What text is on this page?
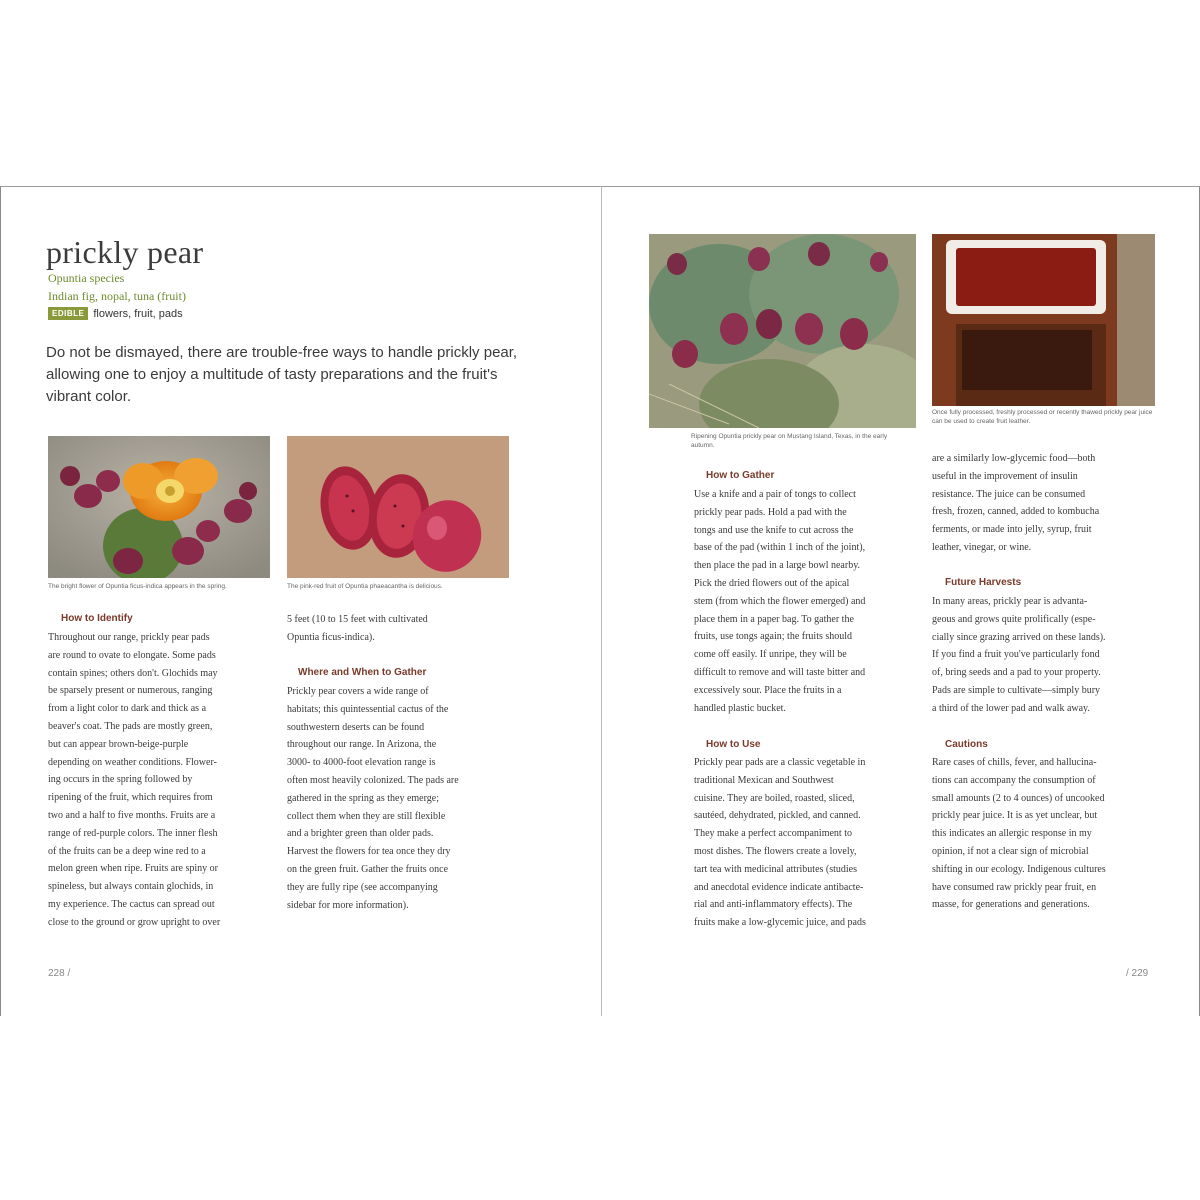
prickly pear
Opuntia species
Indian fig, nopal, tuna (fruit)
EDIBLE flowers, fruit, pads
Do not be dismayed, there are trouble-free ways to handle prickly pear, allowing one to enjoy a multitude of tasty preparations and the fruit's vibrant color.
The bright flower of Opuntia ficus-indica appears in the spring.	The pink-red fruit of Opuntia phaeacantha is delicious.
How to Identify
Throughout our range, prickly pear pads
are round to ovate to elongate. Some pads
contain spines; others don't. Glochids may
be sparsely present or numerous, ranging
from a light color to dark and thick as a
beaver's coat. The pads are mostly green,
but can appear brown-beige-purple
depending on weather conditions. Flower-
ing occurs in the spring followed by
ripening of the fruit, which requires from
two and a half to five months. Fruits are a
range of red-purple colors. The inner flesh
of the fruits can be a deep wine red to a
melon green when ripe. Fruits are spiny or
spineless, but always contain glochids, in
my experience. The cactus can spread out
close to the ground or grow upright to over
5 feet (10 to 15 feet with cultivated
Opuntia ficus-indica).
Where and When to Gather
Prickly pear covers a wide range of
habitats; this quintessential cactus of the
southwestern deserts can be found
throughout our range. In Arizona, the
3000- to 4000-foot elevation range is
often most heavily colonized. The pads are
gathered in the spring as they emerge;
collect them when they are still flexible
and a brighter green than older pads.
Harvest the flowers for tea once they dry
on the green fruit. Gather the fruits once
they are fully ripe (see accompanying
sidebar for more information).
228 /
Ripening Opuntia prickly pear on Mustang Island, Texas, in the early autumn.
Once fully processed, freshly processed or recently thawed prickly pear juice can be used to create fruit leather.
How to Gather
Use a knife and a pair of tongs to collect
prickly pear pads. Hold a pad with the
tongs and use the knife to cut across the
base of the pad (within 1 inch of the joint),
then place the pad in a large bowl nearby.
Pick the dried flowers out of the apical
stem (from which the flower emerged) and
place them in a paper bag. To gather the
fruits, use tongs again; the fruits should
come off easily. If unripe, they will be
difficult to remove and will taste bitter and
excessively sour. Place the fruits in a
handled plastic bucket.
How to Use
Prickly pear pads are a classic vegetable in
traditional Mexican and Southwest
cuisine. They are boiled, roasted, sliced,
sautéed, dehydrated, pickled, and canned.
They make a perfect accompaniment to
most dishes. The flowers create a lovely,
tart tea with medicinal attributes (studies
and anecdotal evidence indicate antibacte-
rial and anti-inflammatory effects). The
fruits make a low-glycemic juice, and pads
are a similarly low-glycemic food—both
useful in the improvement of insulin
resistance. The juice can be consumed
fresh, frozen, canned, added to kombucha
ferments, or made into jelly, syrup, fruit
leather, vinegar, or wine.
Future Harvests
In many areas, prickly pear is advanta-
geous and grows quite prolifically (espe-
cially since grazing arrived on these lands).
If you find a fruit you've particularly fond
of, bring seeds and a pad to your property.
Pads are simple to cultivate—simply bury
a third of the lower pad and walk away.
Cautions
Rare cases of chills, fever, and hallucina-
tions can accompany the consumption of
small amounts (2 to 4 ounces) of uncooked
prickly pear juice. It is as yet unclear, but
this indicates an allergic response in my
opinion, if not a clear sign of microbial
shifting in our ecology. Indigenous cultures
have consumed raw prickly pear fruit, en
masse, for generations and generations.
/ 229
